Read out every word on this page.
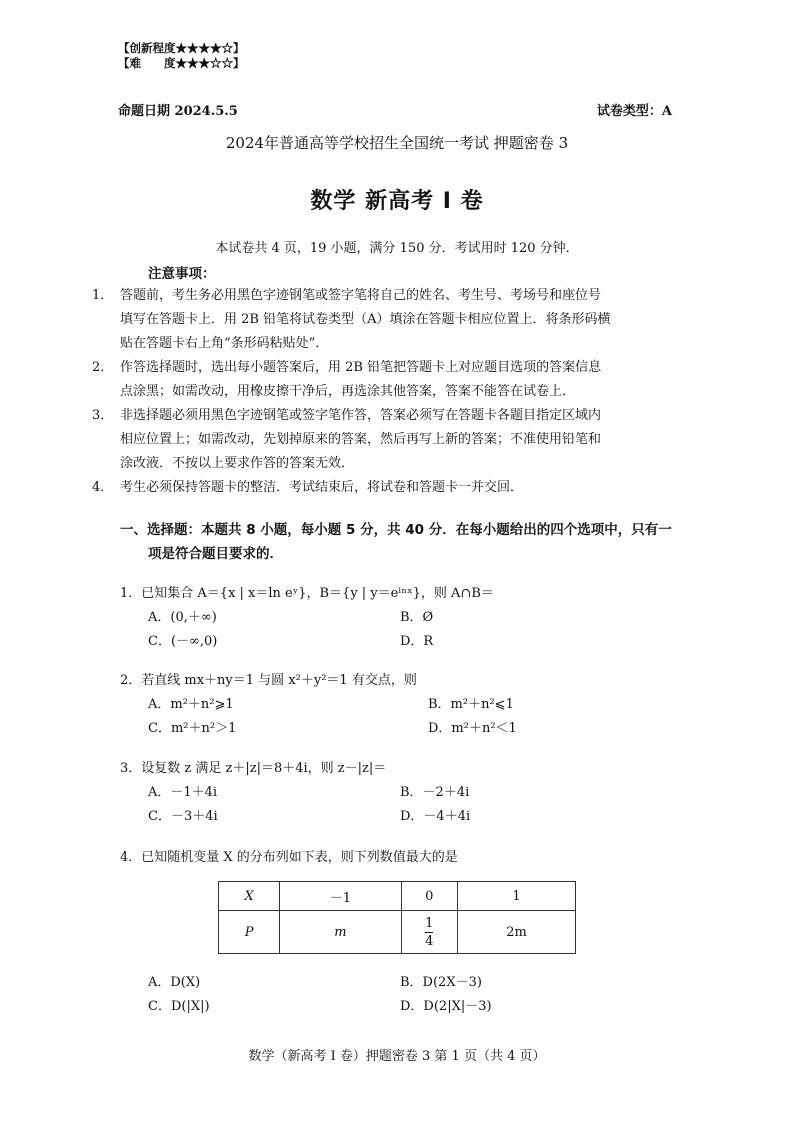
【创新程度★★★★☆】
【难　　度★★★☆☆】
命题日期 2024.5.5	试卷类型：A
2024年普通高等学校招生全国统一考试 押题密卷 3
数学 新高考 I 卷
本试卷共 4 页，19 小题，满分 150 分．考试用时 120 分钟．
注意事项：
1． 答题前，考生务必用黑色字迹钢笔或签字笔将自己的姓名、考生号、考场号和座位号
填写在答题卡上．用 2B 铅笔将试卷类型（A）填涂在答题卡相应位置上．将条形码横
贴在答题卡右上角“条形码粘贴处”．
2． 作答选择题时，选出每小题答案后，用 2B 铅笔把答题卡上对应题目选项的答案信息
点涂黑；如需改动，用橡皮擦干净后，再选涂其他答案，答案不能答在试卷上．
3． 非选择题必须用黑色字迹钢笔或签字笔作答，答案必须写在答题卡各题目指定区域内
相应位置上；如需改动，先划掉原来的答案，然后再写上新的答案；不准使用铅笔和
涂改液．不按以上要求作答的答案无效．
4． 考生必须保持答题卡的整洁．考试结束后，将试卷和答题卡一并交回．
一、选择题：本题共 8 小题，每小题 5 分，共 40 分．在每小题给出的四个选项中，只有一
项是符合题目要求的．
1．已知集合 A＝{x | x＝ln eʸ}，B＝{y | y＝eˡⁿˣ}，则 A∩B＝
A．(0,＋∞)	B．Ø
C．(－∞,0)	D．R
2．若直线 mx＋ny＝1 与圆 x²＋y²＝1 有交点，则
A．m²＋n²⩾1	B．m²＋n²⩽1
C．m²＋n²＞1	D．m²＋n²＜1
3．设复数 z 满足 z＋|z|＝8＋4i，则 z－|z|＝
A．－1＋4i	B．－2＋4i
C．－3＋4i	D．－4＋4i
4．已知随机变量 X 的分布列如下表，则下列数值最大的是
X	－1	0	1
P	m	$\frac{1}{4}$	2m
A．D(X)	B．D(2X－3)
C．D(|X|)	D．D(2|X|－3)
数学（新高考 I 卷）押题密卷 3 第 1 页（共 4 页）
